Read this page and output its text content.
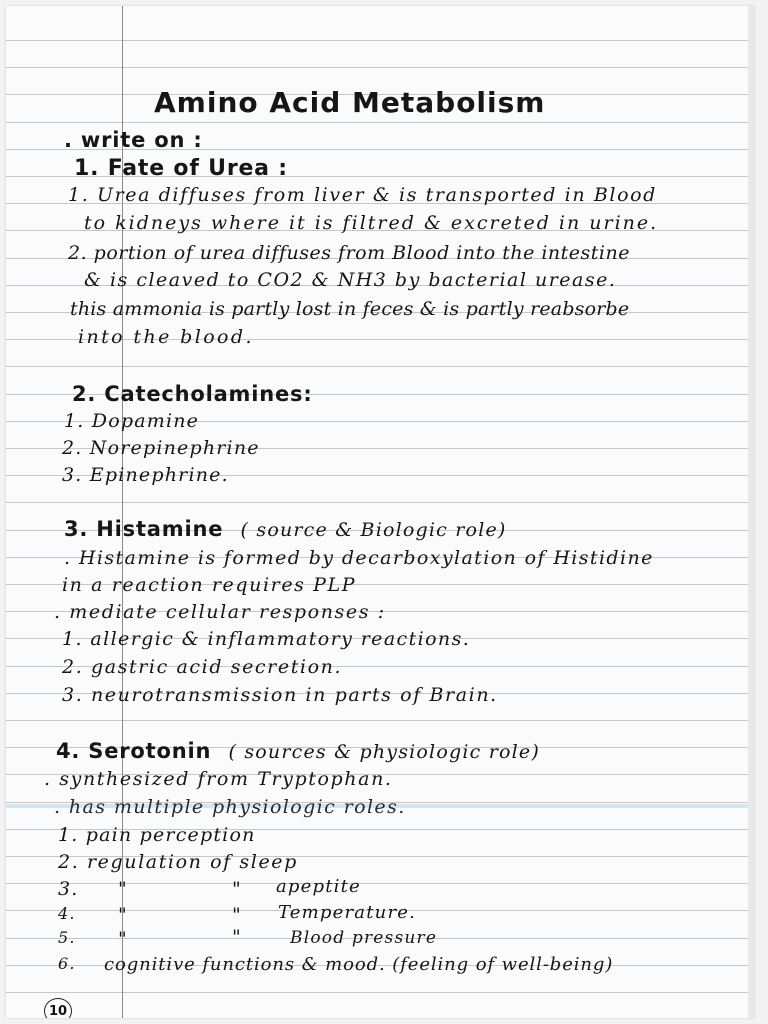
Amino Acid Metabolism
. write on :
1. Fate of Urea :
1. Urea diffuses from liver & is transported in Blood
to kidneys where it is filtred & excreted in urine.
2. portion of urea diffuses from Blood into the intestine
& is cleaved to CO2 & NH3 by bacterial urease.
this ammonia is partly lost in feces & is partly reabsorbe
into the blood.
2. Catecholamines:
1. Dopamine
2. Norepinephrine
3. Epinephrine.
3. Histamine ( source & Biologic role)
. Histamine is formed by decarboxylation of Histidine
in a reaction requires PLP
. mediate cellular responses :
1. allergic & inflammatory reactions.
2. gastric acid secretion.
3. neurotransmission in parts of Brain.
4. Serotonin ( sources & physiologic role)
. synthesized from Tryptophan.
. has multiple physiologic roles.
1. pain perception
2. regulation of sleep
3. "	" apeptite
4. "	" Temperature.
5. "	"	Blood pressure
6. cognitive functions & mood. (feeling of well-being)
10
